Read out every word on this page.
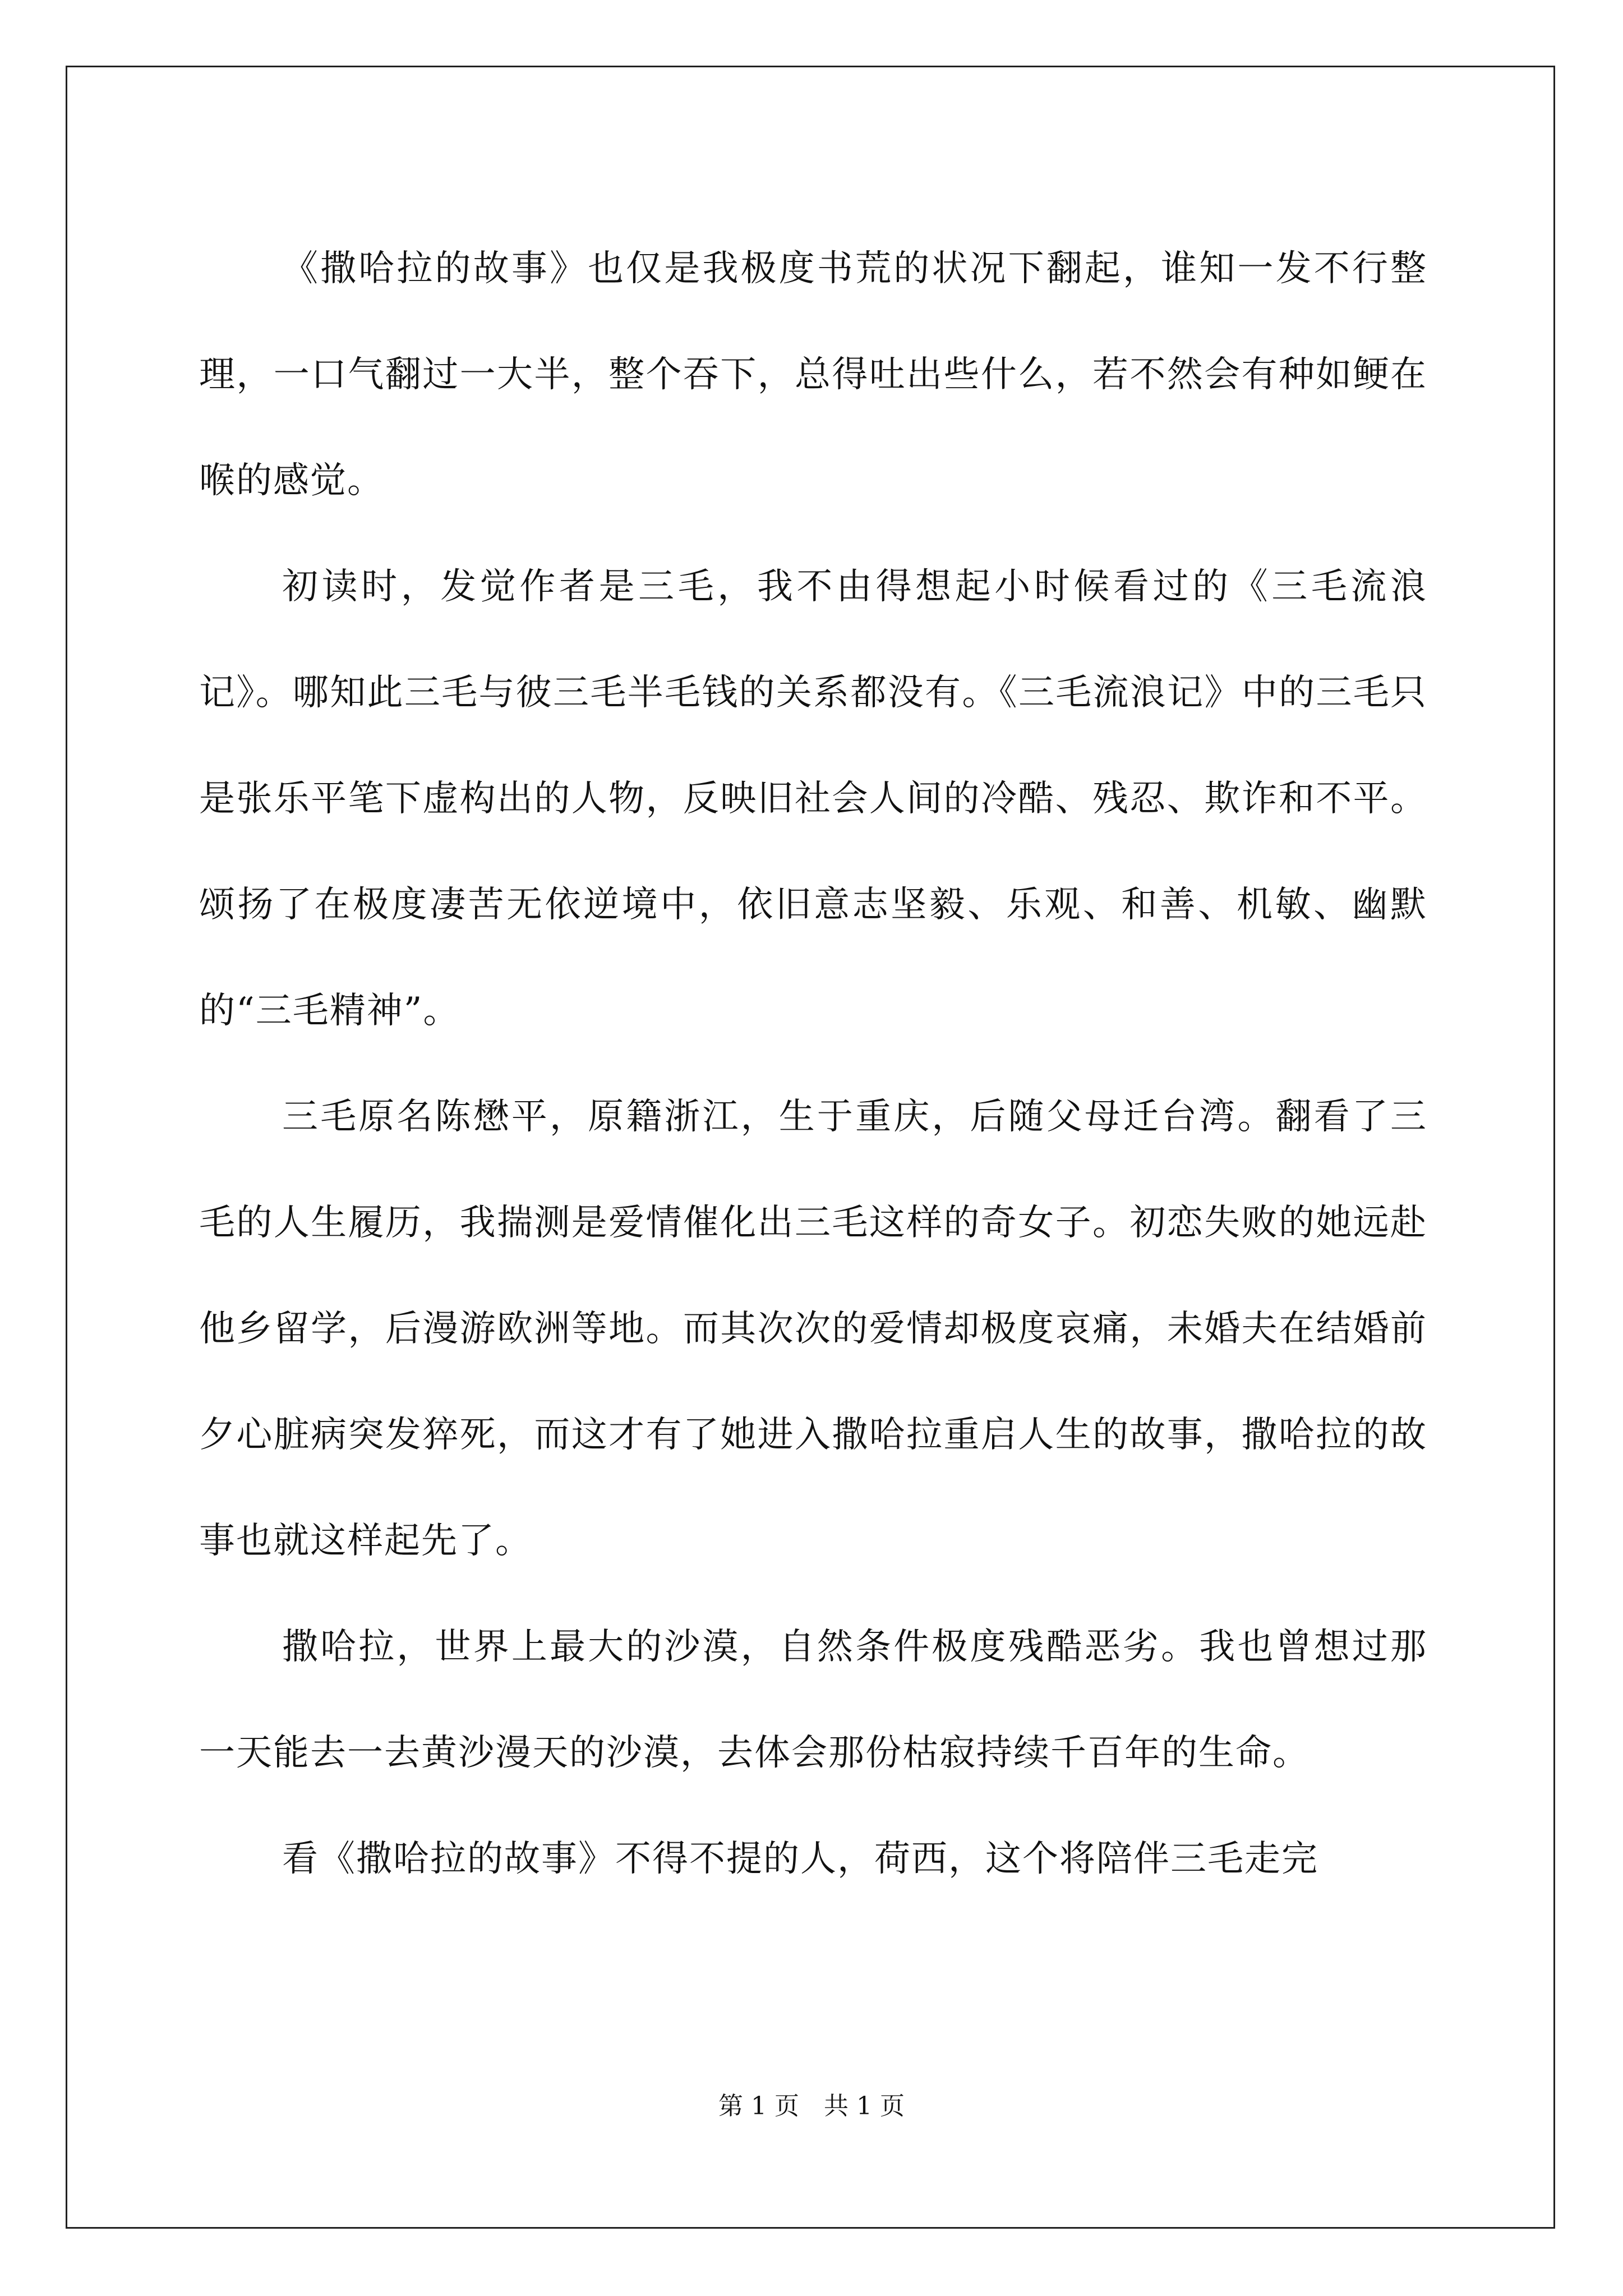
《撒哈拉的故事》也仅是我极度书荒的状况下翻起，谁知一发不行整理，一口气翻过一大半，整个吞下，总得吐出些什么，若不然会有种如鲠在喉的感觉。

初读时，发觉作者是三毛，我不由得想起小时候看过的《三毛流浪记》。哪知此三毛与彼三毛半毛钱的关系都没有。《三毛流浪记》中的三毛只是张乐平笔下虚构出的人物，反映旧社会人间的冷酷、残忍、欺诈和不平。颂扬了在极度凄苦无依逆境中，依旧意志坚毅、乐观、和善、机敏、幽默的“三毛精神”。

三毛原名陈懋平，原籍浙江，生于重庆，后随父母迁台湾。翻看了三毛的人生履历，我揣测是爱情催化出三毛这样的奇女子。初恋失败的她远赴他乡留学，后漫游欧洲等地。而其次次的爱情却极度哀痛，未婚夫在结婚前夕心脏病突发猝死，而这才有了她进入撒哈拉重启人生的故事，撒哈拉的故事也就这样起先了。

撒哈拉，世界上最大的沙漠，自然条件极度残酷恶劣。我也曾想过那一天能去一去黄沙漫天的沙漠，去体会那份枯寂持续千百年的生命。

看《撒哈拉的故事》不得不提的人，荷西，这个将陪伴三毛走完

第 1 页　共 1 页
